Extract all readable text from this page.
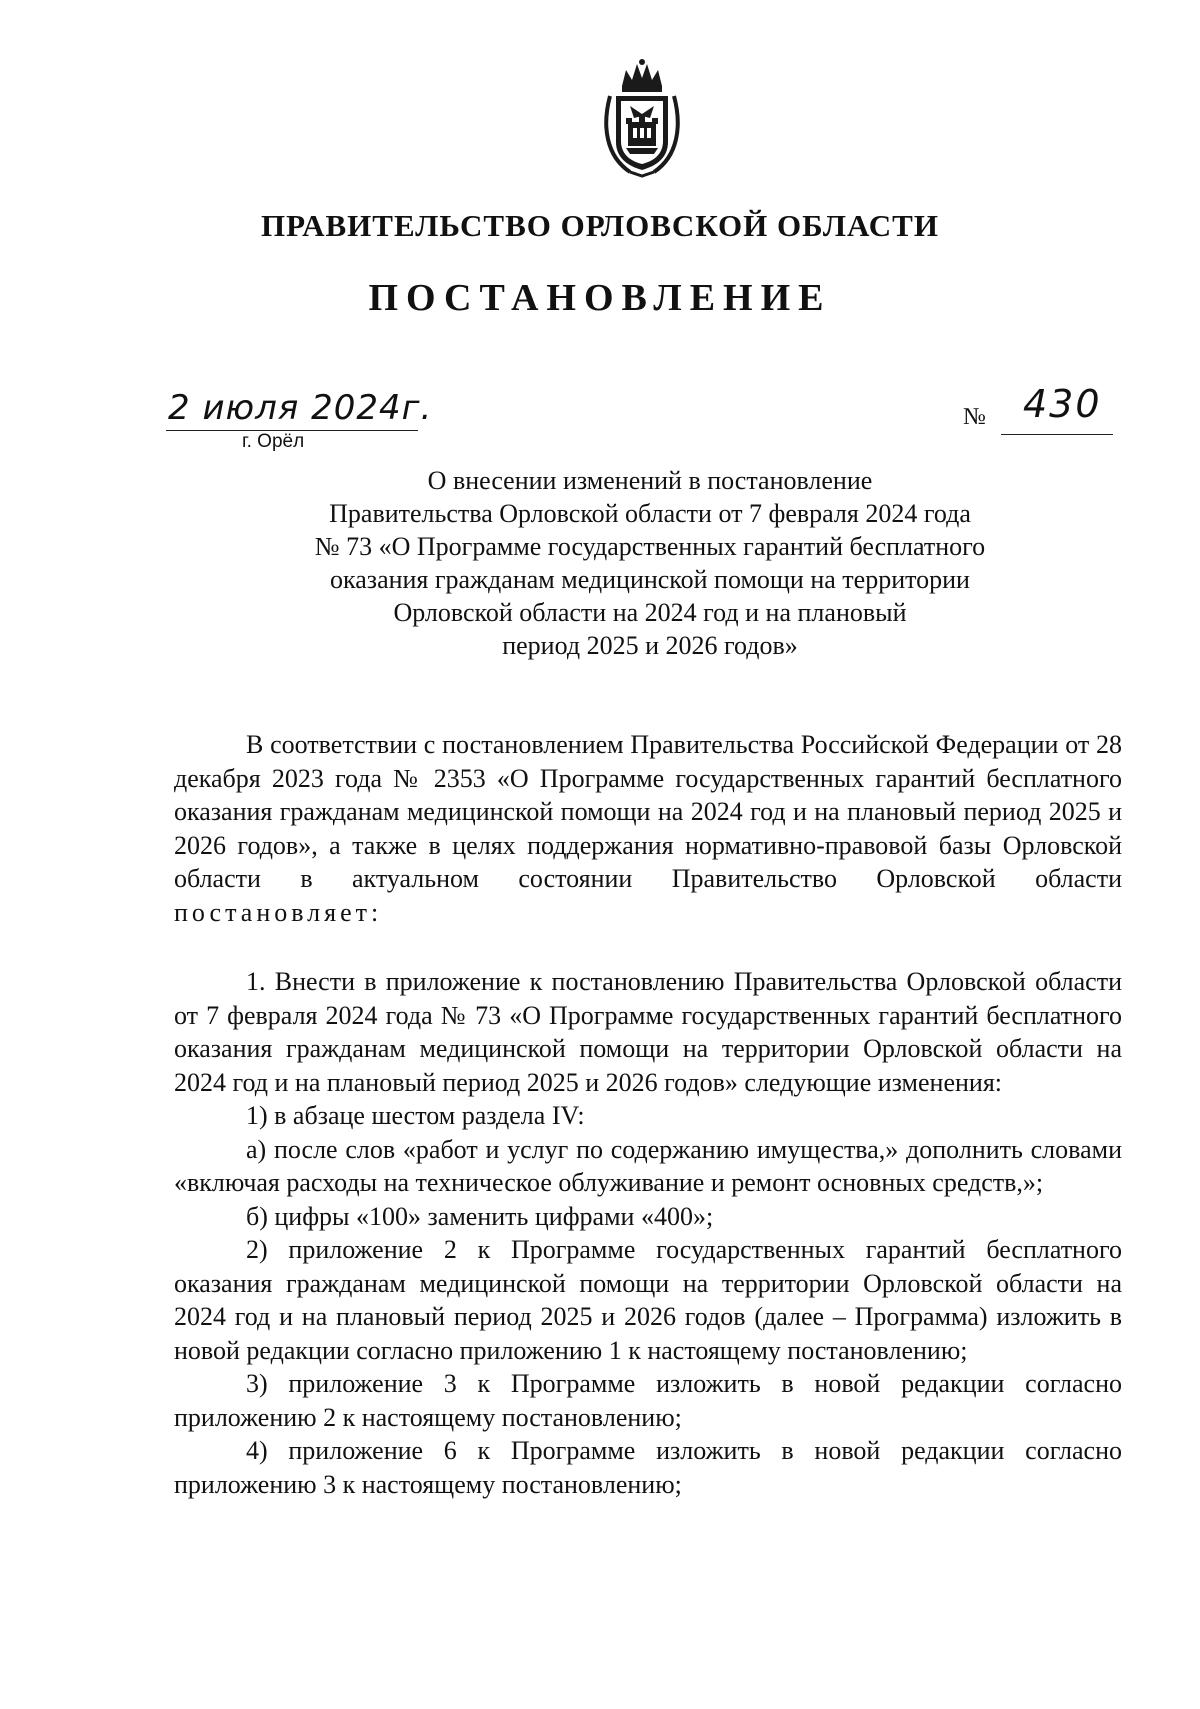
ПРАВИТЕЛЬСТВО ОРЛОВСКОЙ ОБЛАСТИ
ПОСТАНОВЛЕНИЕ
2 июля 2024г.
г. Орёл
№ 430
О внесении изменений в постановление
Правительства Орловской области от 7 февраля 2024 года
№ 73 «О Программе государственных гарантий бесплатного
оказания гражданам медицинской помощи на территории
Орловской области на 2024 год и на плановый
период 2025 и 2026 годов»

В соответствии с постановлением Правительства Российской Федерации от 28 декабря 2023 года № 2353 «О Программе государственных гарантий бесплатного оказания гражданам медицинской помощи на 2024 год и на плановый период 2025 и 2026 годов», а также в целях поддержания нормативно-правовой базы Орловской области в актуальном состоянии Правительство Орловской области постановляет:

1. Внести в приложение к постановлению Правительства Орловской области от 7 февраля 2024 года № 73 «О Программе государственных гарантий бесплатного оказания гражданам медицинской помощи на территории Орловской области на 2024 год и на плановый период 2025 и 2026 годов» следующие изменения:

1) в абзаце шестом раздела IV:

а) после слов «работ и услуг по содержанию имущества,» дополнить словами «включая расходы на техническое облуживание и ремонт основных средств,»;

б) цифры «100» заменить цифрами «400»;

2) приложение 2 к Программе государственных гарантий бесплатного оказания гражданам медицинской помощи на территории Орловской области на 2024 год и на плановый период 2025 и 2026 годов (далее – Программа) изложить в новой редакции согласно приложению 1 к настоящему постановлению;

3) приложение 3 к Программе изложить в новой редакции согласно приложению 2 к настоящему постановлению;

4) приложение 6 к Программе изложить в новой редакции согласно приложению 3 к настоящему постановлению;
